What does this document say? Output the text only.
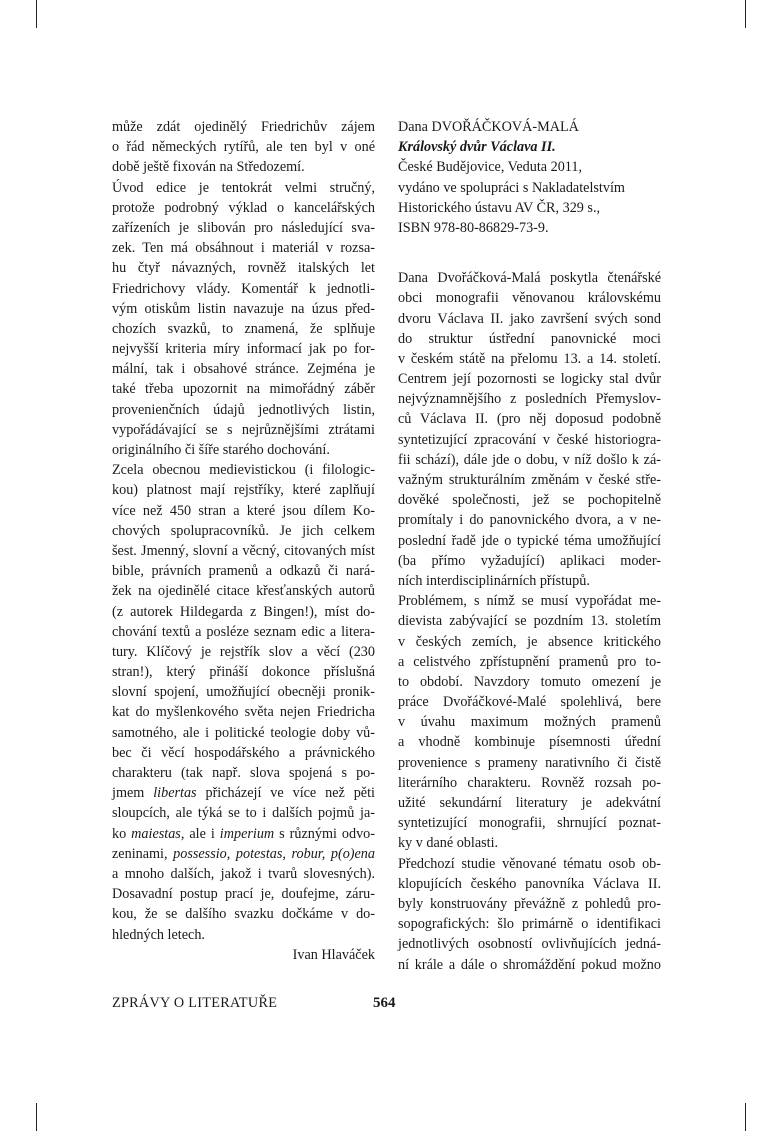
může zdát ojedinělý Friedrichův zájem
o řád německých rytířů, ale ten byl v oné
době ještě fixován na Středozemí.
Úvod edice je tentokrát velmi stručný,
protože podrobný výklad o kancelářských
zařízeních je slibován pro následující sva-
zek. Ten má obsáhnout i materiál v rozsa-
hu čtyř návazných, rovněž italských let
Friedrichovy vlády. Komentář k jednotli-
vým otiskům listin navazuje na úzus před-
chozích svazků, to znamená, že splňuje
nejvyšší kriteria míry informací jak po for-
mální, tak i obsahové stránce. Zejména je
také třeba upozornit na mimořádný záběr
provenienčních údajů jednotlivých listin,
vypořádávající se s nejrůznějšími ztrátami
originálního či šíře starého dochování.
Zcela obecnou medievistickou (i filologic-
kou) platnost mají rejstříky, které zaplňují
více než 450 stran a které jsou dílem Ko-
chových spolupracovníků. Je jich celkem
šest. Jmenný, slovní a věcný, citovaných míst
bible, právních pramenů a odkazů či nará-
žek na ojedinělé citace křesťanských autorů
(z autorek Hildegarda z Bingen!), míst do-
chování textů a posléze seznam edic a litera-
tury. Klíčový je rejstřík slov a věcí (230
stran!), který přináší dokonce příslušná
slovní spojení, umožňující obecněji pronik-
kat do myšlenkového světa nejen Friedricha
samotného, ale i politické teologie doby vů-
bec či věcí hospodářského a právnického
charakteru (tak např. slova spojená s po-
jmem libertas přicházejí ve více než pěti
sloupcích, ale týká se to i dalších pojmů ja-
ko maiestas, ale i imperium s různými odvo-
zeninami, possessio, potestas, robur, p(o)ena
a mnoho dalších, jakož i tvarů slovesných).
Dosavadní postup prací je, doufejme, záru-
kou, že se dalšího svazku dočkáme v do-
hledných letech.
Ivan Hlaváček
Dana DVOŘÁČKOVÁ-MALÁ
Královský dvůr Václava II.
České Budějovice, Veduta 2011,
vydáno ve spolupráci s Nakladatelstvím
Historického ústavu AV ČR, 329 s.,
ISBN 978-80-86829-73-9.
Dana Dvořáčková-Malá poskytla čtenářské
obci monografii věnovanou královskému
dvoru Václava II. jako završení svých sond
do struktur ústřední panovnické moci
v českém státě na přelomu 13. a 14. století.
Centrem její pozornosti se logicky stal dvůr
nejvýznamnějšího z posledních Přemyslov-
ců Václava II. (pro něj doposud podobně
syntetizující zpracování v české historiogra-
fii schází), dále jde o dobu, v níž došlo k zá-
važným strukturálním změnám v české stře-
dověké společnosti, jež se pochopitelně
promítaly i do panovnického dvora, a v ne-
poslední řadě jde o typické téma umožňující
(ba přímo vyžadující) aplikaci moder-
ních interdisciplinárních přístupů.
Problémem, s nímž se musí vypořádat me-
dievista zabývající se pozdním 13. stoletím
v českých zemích, je absence kritického
a celistvého zpřístupnění pramenů pro to-
to období. Navzdory tomuto omezení je
práce Dvořáčkové-Malé spolehlivá, bere
v úvahu maximum možných pramenů
a vhodně kombinuje písemnosti úřední
provenience s prameny narativního či čistě
literárního charakteru. Rovněž rozsah po-
užité sekundární literatury je adekvátní
syntetizující monografii, shrnující poznat-
ky v dané oblasti.
Předchozí studie věnované tématu osob ob-
klopujících českého panovníka Václava II.
byly konstruovány převážně z pohledů pro-
sopografických: šlo primárně o identifikaci
jednotlivých osobností ovlivňujících jedná-
ní krále a dále o shromáždění pokud možno
ZPRÁVY O LITERATUŘE	564
